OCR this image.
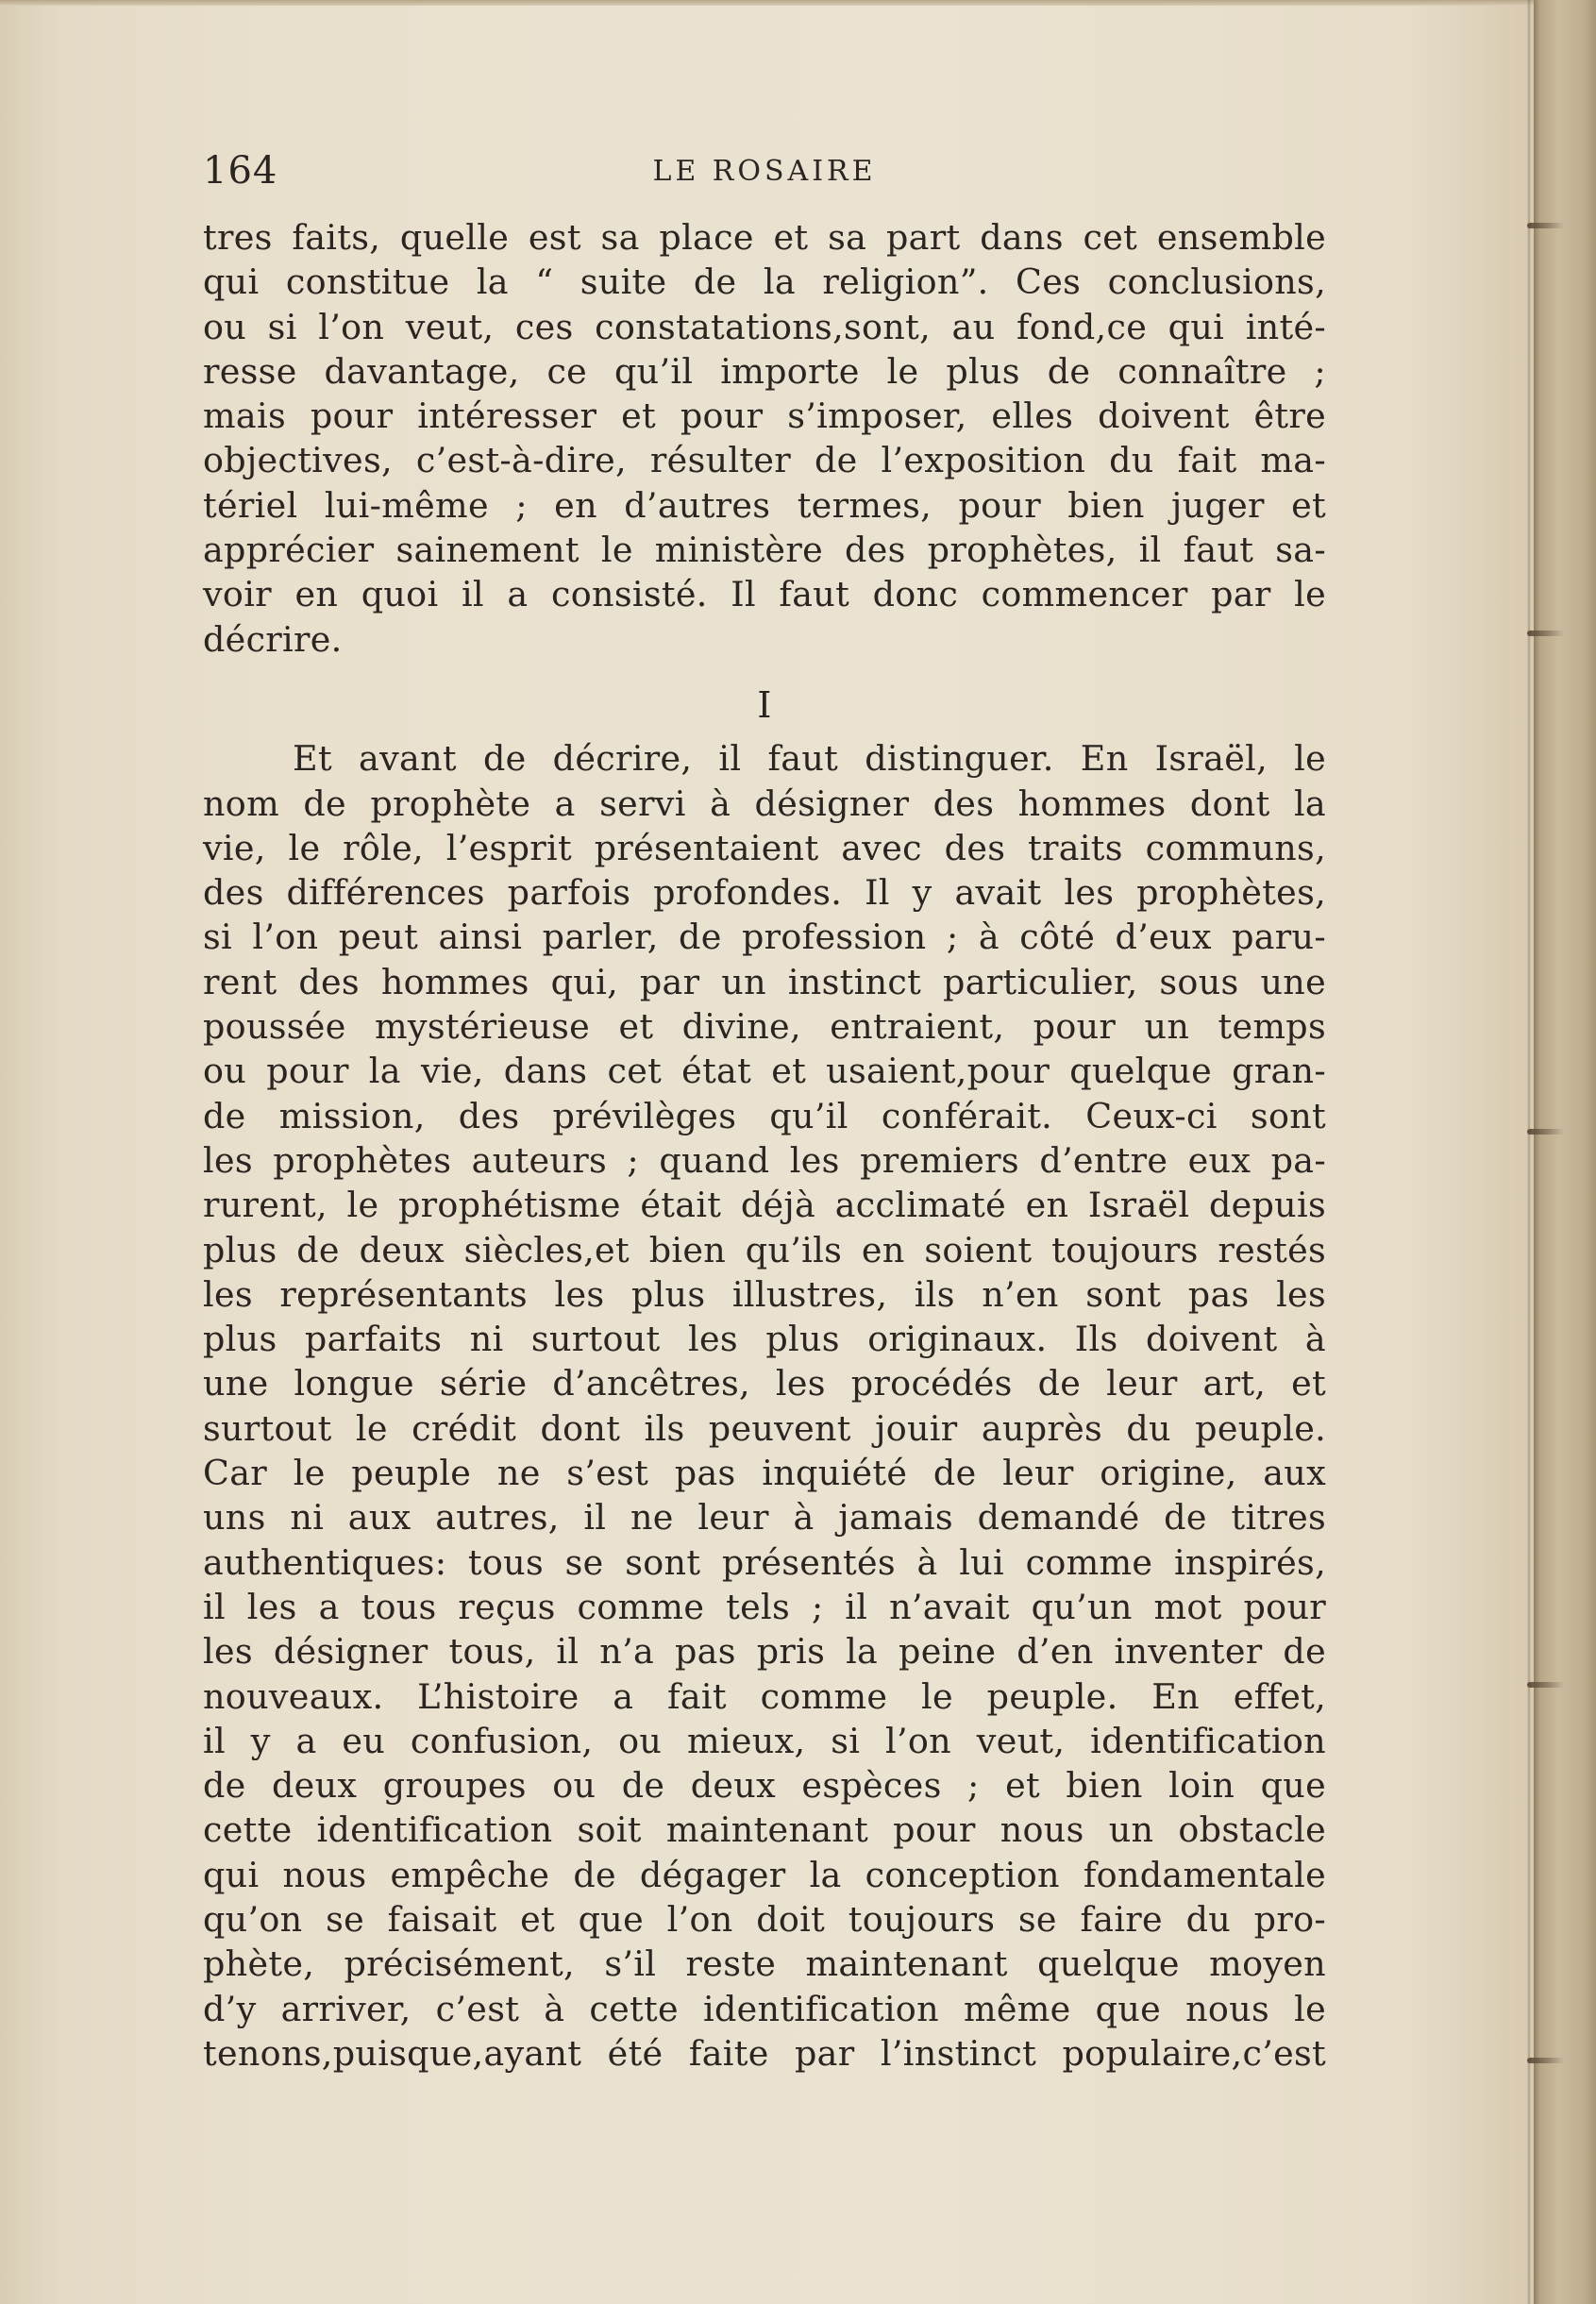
164	LE ROSAIRE
tres faits, quelle est sa place et sa part dans cet ensemble
qui constitue la “ suite de la religion”. Ces conclusions,
ou si l’on veut, ces constatations,sont, au fond,ce qui inté-
resse davantage, ce qu’il importe le plus de connaître ;
mais pour intéresser et pour s’imposer, elles doivent être
objectives, c’est-à-dire, résulter de l’exposition du fait ma-
tériel lui-même ; en d’autres termes, pour bien juger et
apprécier sainement le ministère des prophètes, il faut sa-
voir en quoi il a consisté. Il faut donc commencer par le
décrire.
I
Et avant de décrire, il faut distinguer. En Israël, le
nom de prophète a servi à désigner des hommes dont la
vie, le rôle, l’esprit présentaient avec des traits communs,
des différences parfois profondes. Il y avait les prophètes,
si l’on peut ainsi parler, de profession ; à côté d’eux paru-
rent des hommes qui, par un instinct particulier, sous une
poussée mystérieuse et divine, entraient, pour un temps
ou pour la vie, dans cet état et usaient,pour quelque gran-
de mission, des prévilèges qu’il conférait. Ceux-ci sont
les prophètes auteurs ; quand les premiers d’entre eux pa-
rurent, le prophétisme était déjà acclimaté en Israël depuis
plus de deux siècles,et bien qu’ils en soient toujours restés
les représentants les plus illustres, ils n’en sont pas les
plus parfaits ni surtout les plus originaux. Ils doivent à
une longue série d’ancêtres, les procédés de leur art, et
surtout le crédit dont ils peuvent jouir auprès du peuple.
Car le peuple ne s’est pas inquiété de leur origine, aux
uns ni aux autres, il ne leur à jamais demandé de titres
authentiques: tous se sont présentés à lui comme inspirés,
il les a tous reçus comme tels ; il n’avait qu’un mot pour
les désigner tous, il n’a pas pris la peine d’en inventer de
nouveaux. L’histoire a fait comme le peuple. En effet,
il y a eu confusion, ou mieux, si l’on veut, identification
de deux groupes ou de deux espèces ; et bien loin que
cette identification soit maintenant pour nous un obstacle
qui nous empêche de dégager la conception fondamentale
qu’on se faisait et que l’on doit toujours se faire du pro-
phète, précisément, s’il reste maintenant quelque moyen
d’y arriver, c’est à cette identification même que nous le
tenons,puisque,ayant été faite par l’instinct populaire,c’est
